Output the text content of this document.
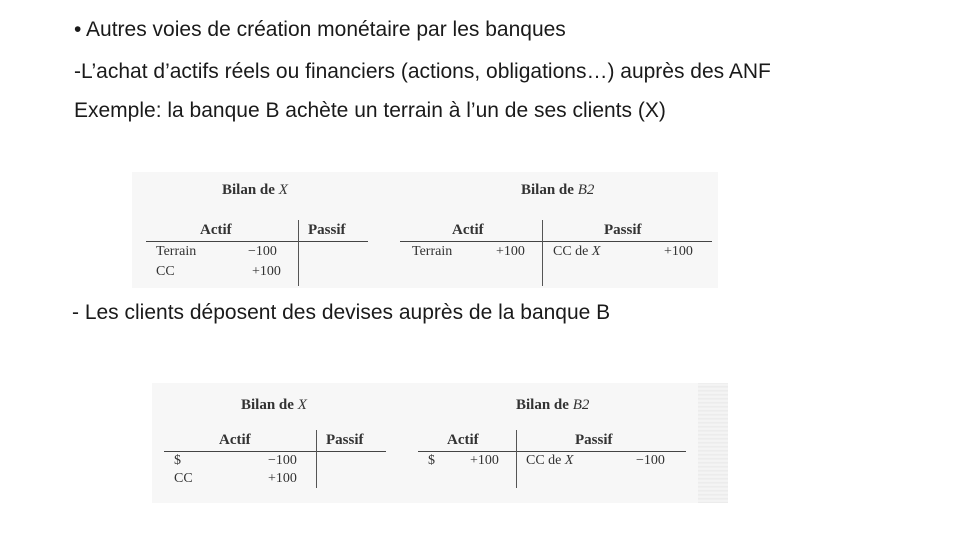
• Autres voies de création monétaire par les banques
-L’achat d’actifs réels ou financiers (actions, obligations…) auprès des ANF
Exemple: la banque B achète un terrain à l’un de ses clients (X)
Bilan de X
Actif	Passif
Terrain	−100
CC	+100
Bilan de B2
Actif	Passif
Terrain	+100 CC de X	+100
- Les clients déposent des devises auprès de la banque B
Bilan de X
Actif	Passif
$	−100
CC	+100
Bilan de B2
Actif	Passif
$	+100 CC de X	−100
